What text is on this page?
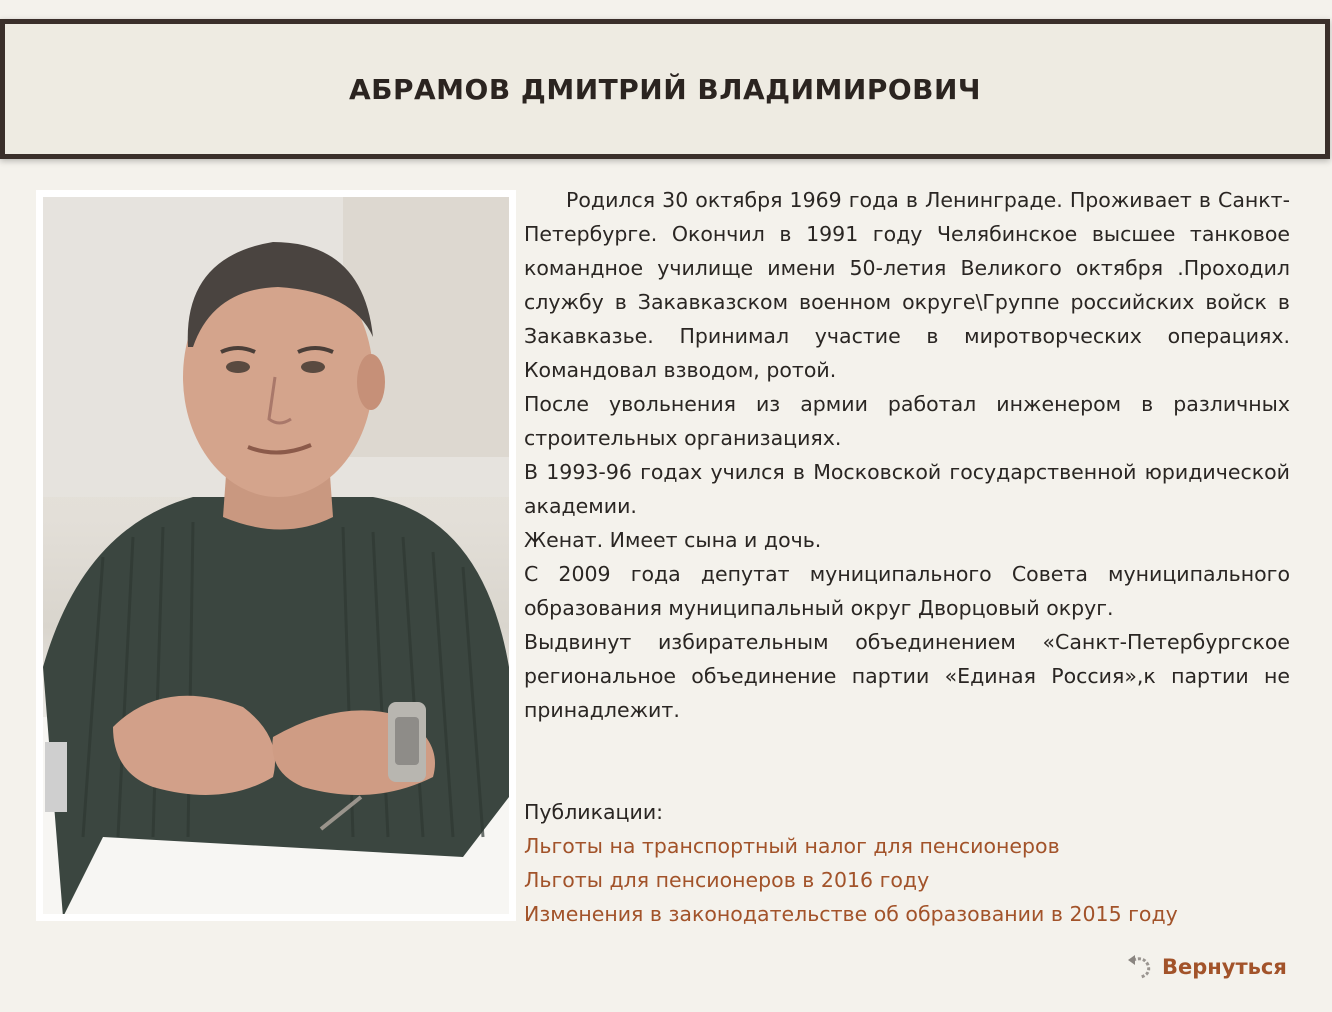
АБРАМОВ ДМИТРИЙ ВЛАДИМИРОВИЧ

Родился 30 октября 1969 года в Ленинграде. Проживает в Санкт-Петербурге. Окончил в 1991 году Челябинское высшее танковое командное училище имени 50-летия Великого октября .Проходил службу в Закавказском военном округе\Группе российских войск в Закавказье. Принимал участие в миротворческих операциях. Командовал взводом, ротой.

После увольнения из армии работал инженером в различных строительных организациях.

В 1993-96 годах учился в Московской государственной юридической академии.

Женат. Имеет сына и дочь.

С 2009 года депутат муниципального Совета муниципального образования муниципальный округ Дворцовый округ.

Выдвинут избирательным объединением «Санкт-Петербургское региональное объединение партии «Единая Россия»,к партии не принадлежит.

Публикации:

Льготы на транспортный налог для пенсионеров
Льготы для пенсионеров в 2016 году
Изменения в законодательстве об образовании в 2015 году
Вернуться
